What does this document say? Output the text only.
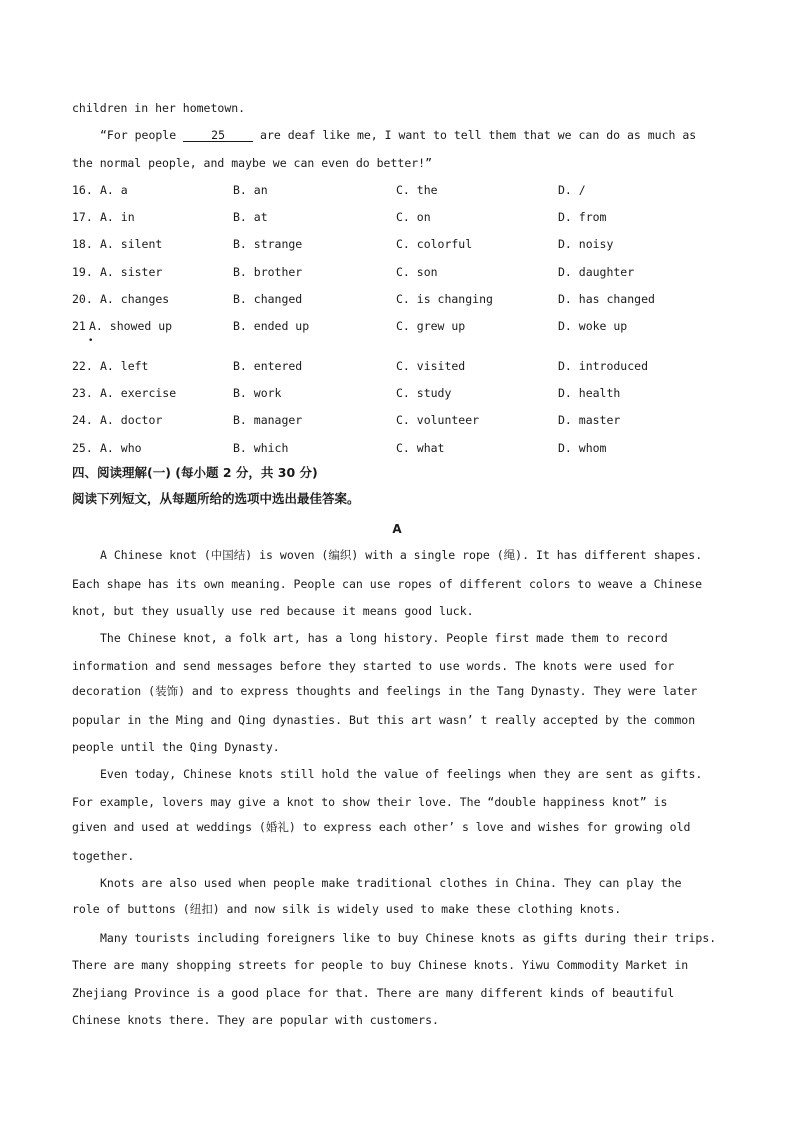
children in her hometown.
“For people 25 are deaf like me, I want to tell them that we can do as much as
the normal people, and maybe we can even do better!”
16. A. a	B. an	C. the	D. /
17. A. in	B. at	C. on	D. from
18. A. silent	B. strange	C. colorful	D. noisy
19. A. sister	B. brother	C. son	D. daughter
20. A. changes	B. changed	C. is changing	D. has changed
21 A. showed up	B. ended up	C. grew up	D. woke up
•
22. A. left	B. entered	C. visited	D. introduced
23. A. exercise	B. work	C. study	D. health
24. A. doctor	B. manager	C. volunteer	D. master
25. A. who	B. which	C. what	D. whom
四、阅读理解(一) (每小题 2 分，共 30 分)
阅读下列短文，从每题所给的选项中选出最佳答案。
A
A Chinese knot (中国结) is woven (编织) with a single rope (绳). It has different shapes.
Each shape has its own meaning. People can use ropes of different colors to weave a Chinese
knot, but they usually use red because it means good luck.
The Chinese knot, a folk art, has a long history. People first made them to record
information and send messages before they started to use words. The knots were used for
decoration (装饰) and to express thoughts and feelings in the Tang Dynasty. They were later
popular in the Ming and Qing dynasties. But this art wasn’ t really accepted by the common
people until the Qing Dynasty.
Even today, Chinese knots still hold the value of feelings when they are sent as gifts.
For example, lovers may give a knot to show their love. The “double happiness knot” is
given and used at weddings (婚礼) to express each other’ s love and wishes for growing old
together.
Knots are also used when people make traditional clothes in China. They can play the
role of buttons (纽扣) and now silk is widely used to make these clothing knots.
Many tourists including foreigners like to buy Chinese knots as gifts during their trips.
There are many shopping streets for people to buy Chinese knots. Yiwu Commodity Market in
Zhejiang Province is a good place for that. There are many different kinds of beautiful
Chinese knots there. They are popular with customers.
